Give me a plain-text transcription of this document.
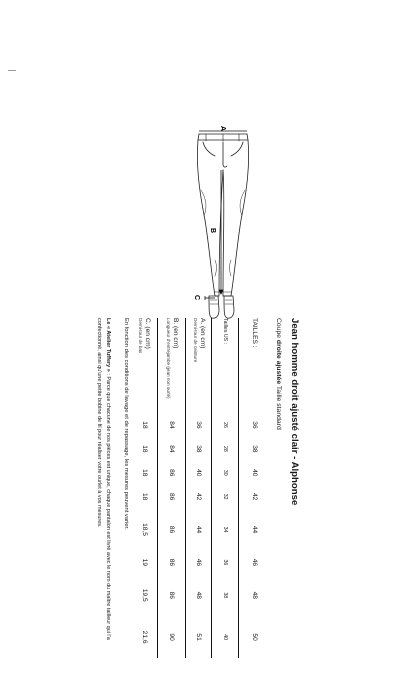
A
B
C
Jean homme droit ajusté clair - Alphonse
Coupe droite ajustée Taille standard
TAILLES :	36	38	40	42	44	46	48	50
Tailles US :	26	28	30	32	34	36	38	40
A. (en cm)
Demi-tour de ceinture	36	38	40	42	44	46	48	51
B. (en cm)
Longueur d'entrejambe (jean non ourlé)	84	84	86	86	86	86	86	90
C. (en cm)
Demi-tour de bas	18	18	18	18	18,5	19	19,5	21,6
En fonction des conditions de lavage et de repassage, les mesures peuvent varier.
Le « Atelier Tuffery » : Parce que chacune de nos pièces est unique, chaque pantalon est livré avec le nom du maître tailleur qui l'a confectionné, ainsi qu'une petite bobine de fil pour réaliser votre ourlet à vos mesures.
